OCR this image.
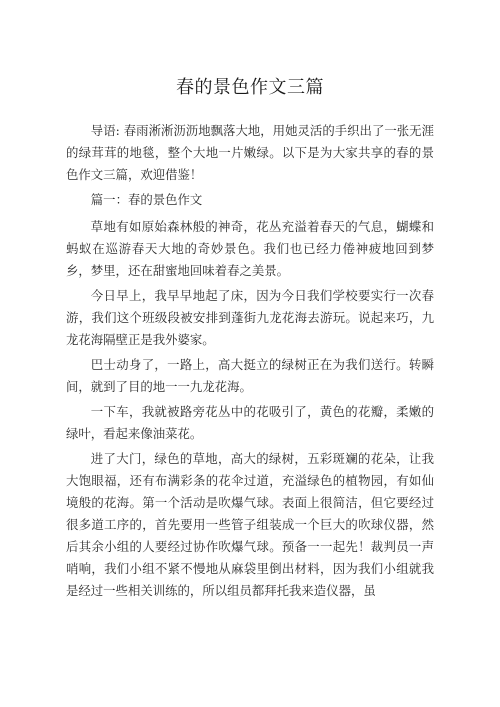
春的景色作文三篇

导语: 春雨淅淅沥沥地飘落大地，用她灵活的手织出了一张无涯的绿茸茸的地毯，整个大地一片嫩绿。以下是为大家共享的春的景色作文三篇，欢迎借鉴！

篇一：春的景色作文

草地有如原始森林般的神奇，花丛充溢着春天的气息，蝴蝶和蚂蚁在巡游春天大地的奇妙景色。我们也已经力倦神疲地回到梦乡，梦里，还在甜蜜地回味着春之美景。

今日早上，我早早地起了床，因为今日我们学校要实行一次春游，我们这个班级段被安排到蓬街九龙花海去游玩。说起来巧，九龙花海隔壁正是我外婆家。

巴士动身了，一路上，高大挺立的绿树正在为我们送行。转瞬间，就到了目的地一一九龙花海。

一下车，我就被路旁花丛中的花吸引了，黄色的花瓣，柔嫩的绿叶，看起来像油菜花。

进了大门，绿色的草地，高大的绿树，五彩斑斓的花朵，让我大饱眼福，还有布满彩条的花伞过道，充溢绿色的植物园，有如仙境般的花海。第一个活动是吹爆气球。表面上很简洁，但它要经过很多道工序的，首先要用一些管子组装成一个巨大的吹球仪器，然后其余小组的人要经过协作吹爆气球。预备一一起先！裁判员一声哨响，我们小组不紧不慢地从麻袋里倒出材料，因为我们小组就我是经过一些相关训练的，所以组员都拜托我来造仪器，虽
